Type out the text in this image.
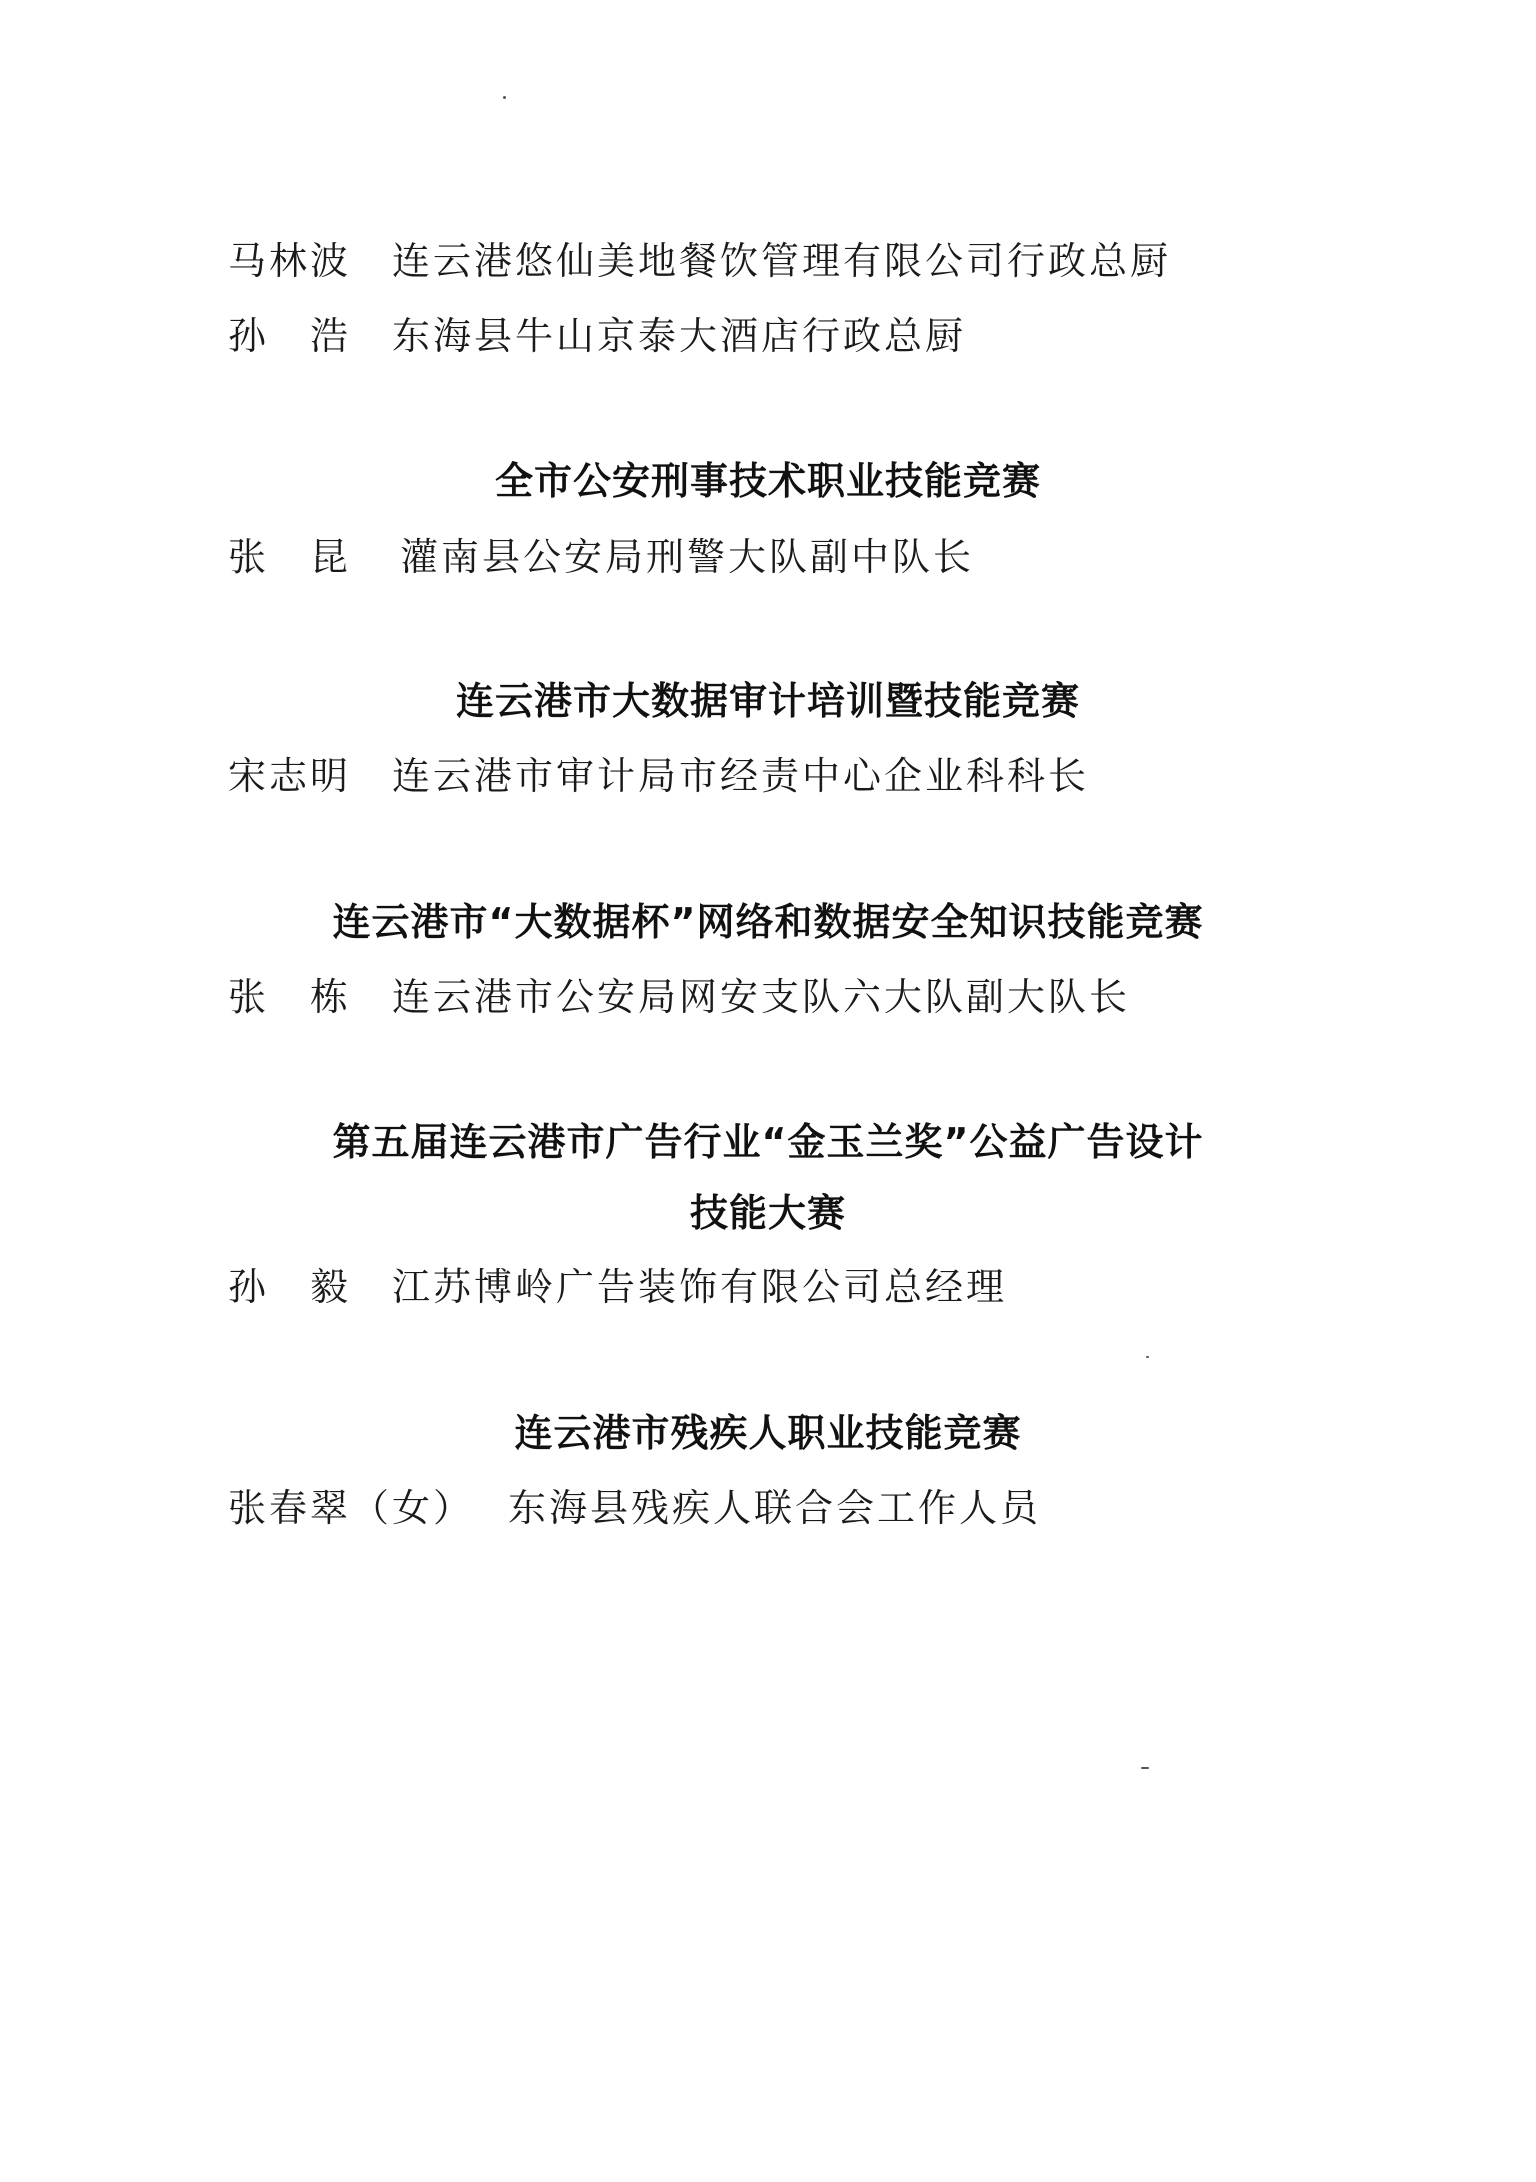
马林波 连云港悠仙美地餐饮管理有限公司行政总厨
孙　浩 东海县牛山京泰大酒店行政总厨
全市公安刑事技术职业技能竞赛
张　昆 灌南县公安局刑警大队副中队长
连云港市大数据审计培训暨技能竞赛
宋志明 连云港市审计局市经责中心企业科科长
连云港市“大数据杯”网络和数据安全知识技能竞赛
张　栋 连云港市公安局网安支队六大队副大队长
第五届连云港市广告行业“金玉兰奖”公益广告设计
技能大赛
孙　毅 江苏博岭广告装饰有限公司总经理
连云港市残疾人职业技能竞赛
张春翠（女） 东海县残疾人联合会工作人员
